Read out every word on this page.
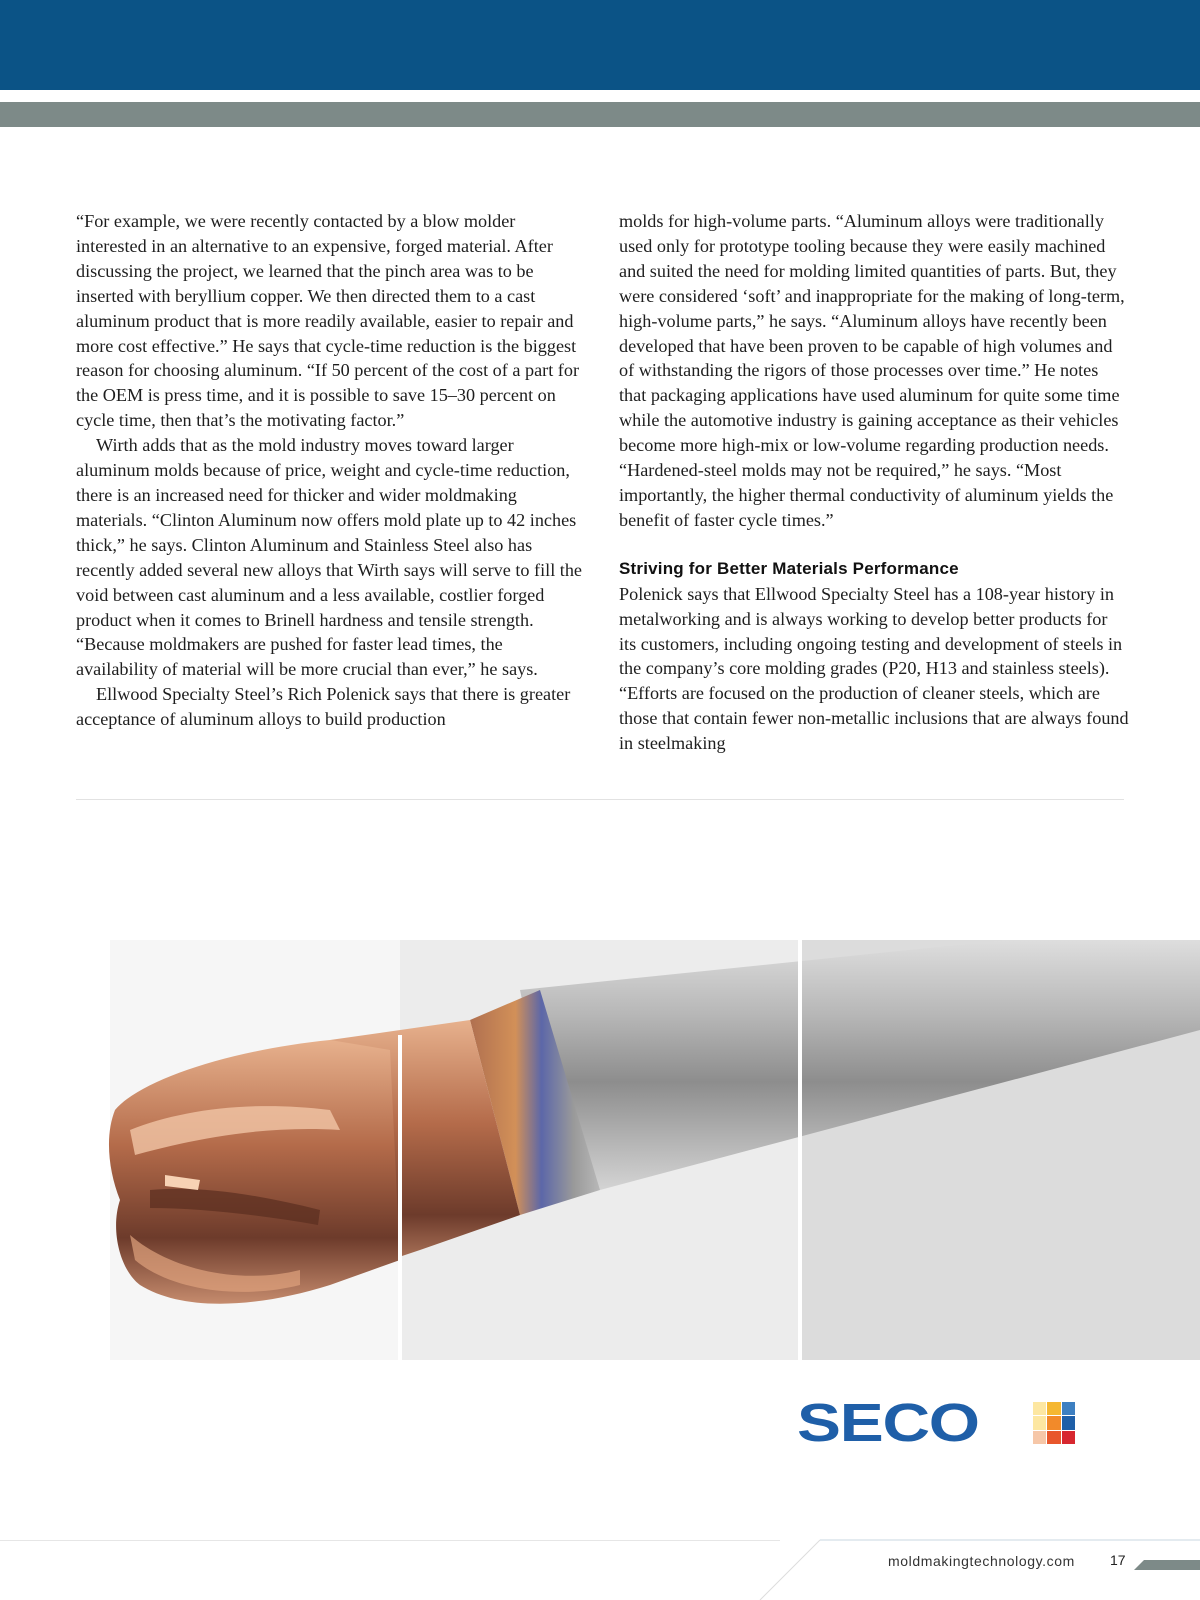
“For example, we were recently contacted by a blow molder interested in an alternative to an expensive, forged material. After discussing the project, we learned that the pinch area was to be inserted with beryllium copper. We then directed them to a cast aluminum product that is more readily available, easier to repair and more cost effective.” He says that cycle-time reduction is the biggest reason for choosing aluminum. “If 50 percent of the cost of a part for the OEM is press time, and it is possible to save 15–30 percent on cycle time, then that’s the motivating factor.”

Wirth adds that as the mold industry moves toward larger aluminum molds because of price, weight and cycle-time reduction, there is an increased need for thicker and wider moldmaking materials. “Clinton Aluminum now offers mold plate up to 42 inches thick,” he says. Clinton Aluminum and Stainless Steel also has recently added several new alloys that Wirth says will serve to fill the void between cast aluminum and a less available, costlier forged product when it comes to Brinell hardness and tensile strength. “Because moldmakers are pushed for faster lead times, the availability of material will be more crucial than ever,” he says.

Ellwood Specialty Steel’s Rich Polenick says that there is greater acceptance of aluminum alloys to build production

molds for high-volume parts. “Aluminum alloys were traditionally used only for prototype tooling because they were easily machined and suited the need for molding limited quantities of parts. But, they were considered ‘soft’ and inappropriate for the making of long-term, high-volume parts,” he says. “Aluminum alloys have recently been developed that have been proven to be capable of high volumes and of withstanding the rigors of those processes over time.” He notes that packaging applications have used aluminum for quite some time while the automotive industry is gaining acceptance as their vehicles become more high-mix or low-volume regarding production needs. “Hardened-steel molds may not be required,” he says. “Most importantly, the higher thermal conductivity of aluminum yields the benefit of faster cycle times.”

Striving for Better Materials Performance

Polenick says that Ellwood Specialty Steel has a 108-year history in metalworking and is always working to develop better products for its customers, including ongoing testing and development of steels in the company’s core molding grades (P20, H13 and stainless steels). “Efforts are focused on the production of cleaner steels, which are those that contain fewer non-metallic inclusions that are always found in steelmaking

SECO
moldmakingtechnology.com	17
